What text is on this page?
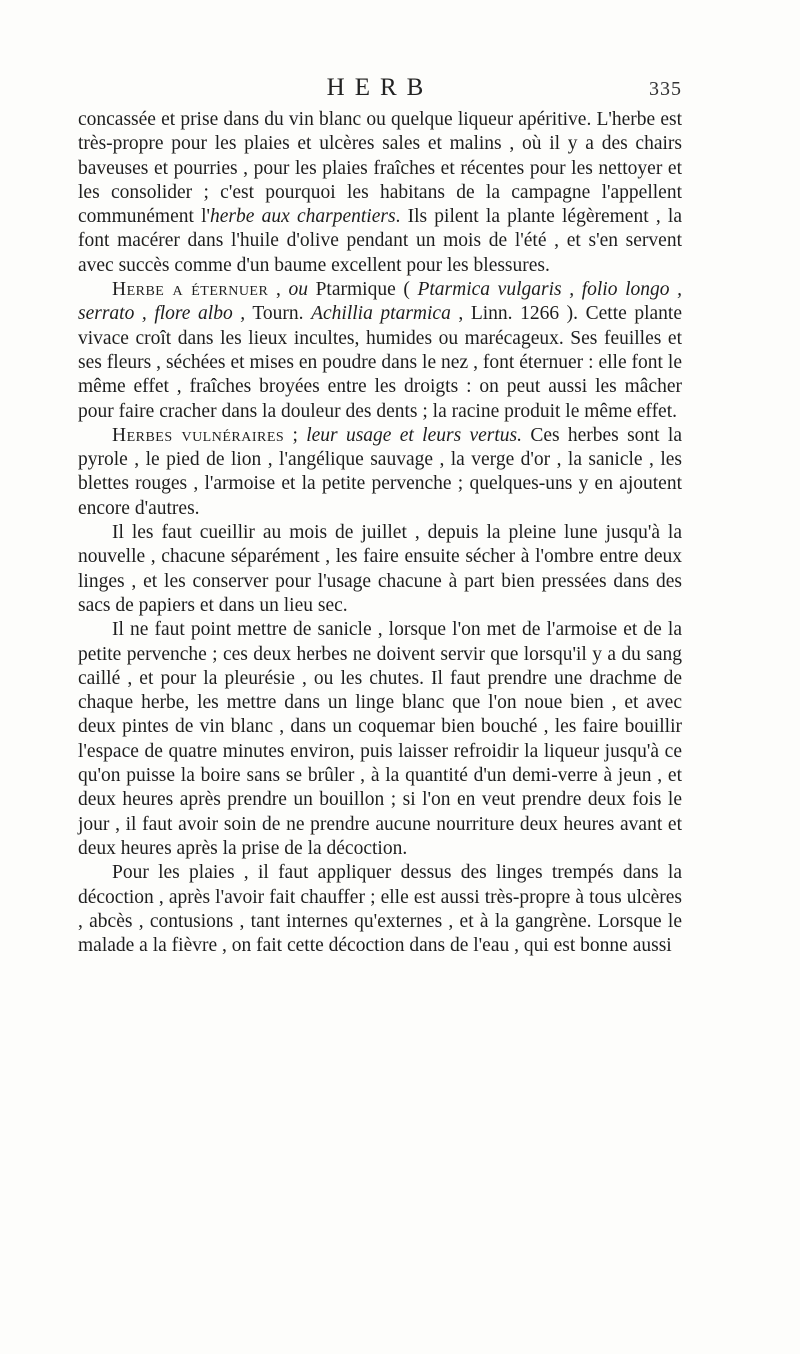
HERB	335

concassée et prise dans du vin blanc ou quelque liqueur apéritive. L'herbe est très-propre pour les plaies et ulcères sales et malins , où il y a des chairs baveuses et pourries , pour les plaies fraîches et récentes pour les nettoyer et les consolider ; c'est pourquoi les habitans de la campagne l'appellent communément l'herbe aux charpentiers. Ils pilent la plante légèrement , la font macérer dans l'huile d'olive pendant un mois de l'été , et s'en servent avec succès comme d'un baume excellent pour les blessures.

Herbe a éternuer , ou Ptarmique ( Ptarmica vulgaris , folio longo , serrato , flore albo , Tourn. Achillia ptarmica , Linn. 1266 ). Cette plante vivace croît dans les lieux incultes, humides ou marécageux. Ses feuilles et ses fleurs , séchées et mises en poudre dans le nez , font éternuer : elle font le même effet , fraîches broyées entre les droigts : on peut aussi les mâcher pour faire cracher dans la douleur des dents ; la racine produit le même effet.

Herbes vulnéraires ; leur usage et leurs vertus. Ces herbes sont la pyrole , le pied de lion , l'angélique sauvage , la verge d'or , la sanicle , les blettes rouges , l'armoise et la petite pervenche ; quelques-uns y en ajoutent encore d'autres.

Il les faut cueillir au mois de juillet , depuis la pleine lune jusqu'à la nouvelle , chacune séparément , les faire ensuite sécher à l'ombre entre deux linges , et les conserver pour l'usage chacune à part bien pressées dans des sacs de papiers et dans un lieu sec.

Il ne faut point mettre de sanicle , lorsque l'on met de l'armoise et de la petite pervenche ; ces deux herbes ne doivent servir que lorsqu'il y a du sang caillé , et pour la pleurésie , ou les chutes. Il faut prendre une drachme de chaque herbe, les mettre dans un linge blanc que l'on noue bien , et avec deux pintes de vin blanc , dans un coquemar bien bouché , les faire bouillir l'espace de quatre minutes environ, puis laisser refroidir la liqueur jusqu'à ce qu'on puisse la boire sans se brûler , à la quantité d'un demi-verre à jeun , et deux heures après prendre un bouillon ; si l'on en veut prendre deux fois le jour , il faut avoir soin de ne prendre aucune nourriture deux heures avant et deux heures après la prise de la décoction.

Pour les plaies , il faut appliquer dessus des linges trempés dans la décoction , après l'avoir fait chauffer ; elle est aussi très-propre à tous ulcères , abcès , contusions , tant internes qu'externes , et à la gangrène. Lorsque le malade a la fièvre , on fait cette décoction dans de l'eau , qui est bonne aussi
